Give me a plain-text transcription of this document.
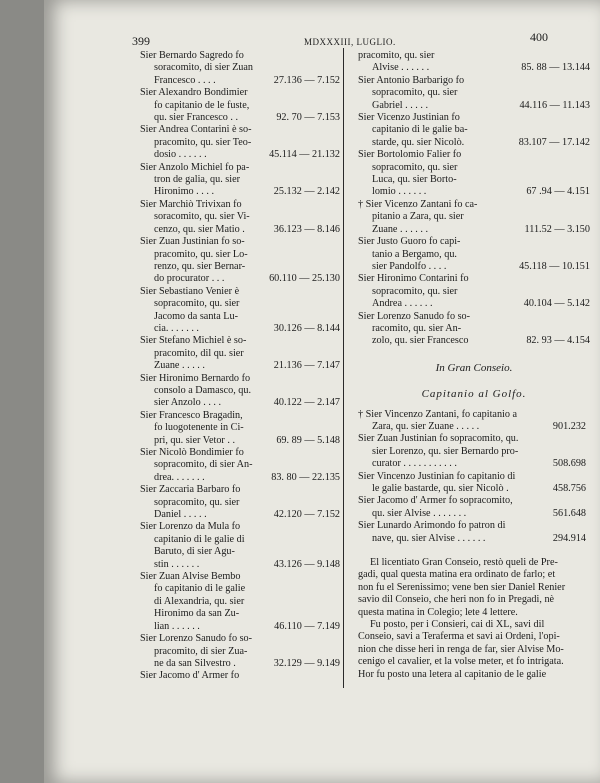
399	MDXXXIII, LUGLIO.	400
Sier Bernardo Sagredo fo
soracomito, di sier Zuan
Francesco . . . .	27.136 — 7.152
Sier Alexandro Bondimier
fo capitanio de le fuste,
qu. sier Francesco . .	92. 70 — 7.153
Sier Andrea Contarini è so-
pracomito, qu. sier Teo-
dosio . . . . . .	45.114 — 21.132
Sier Anzolo Michiel fo pa-
tron de galia, qu. sier
Hironimo . . . .	25.132 — 2.142
Sier Marchiò Trivixan fo
soracomito, qu. sier Vi-
cenzo, qu. sier Matio .	36.123 — 8.146
Sier Zuan Justinian fo so-
pracomito, qu. sier Lo-
renzo, qu. sier Bernar-
do procurator . . .	60.110 — 25.130
Sier Sebastiano Venier è
sopracomito, qu. sier
Jacomo da santa Lu-
cia. . . . . . .	30.126 — 8.144
Sier Stefano Michiel è so-
pracomito, dil qu. sier
Zuane . . . . .	21.136 — 7.147
Sier Hironimo Bernardo fo
consolo a Damasco, qu.
sier Anzolo . . . .	40.122 — 2.147
Sier Francesco Bragadin,
fo luogotenente in Ci-
pri, qu. sier Vetor . .	69. 89 — 5.148
Sier Nicolò Bondimier fo
sopracomito, di sier An-
drea. . . . . . .	83. 80 — 22.135
Sier Zaccaria Barbaro fo
sopracomito, qu. sier
Daniel . . . . .	42.120 — 7.152
Sier Lorenzo da Mula fo
capitanio di le galie di
Baruto, di sier Agu-
stin . . . . . .	43.126 — 9.148
Sier Zuan Alvise Bembo
fo capitanio di le galie
di Alexandria, qu. sier
Hironimo da san Zu-
lian . . . . . .	46.110 — 7.149
Sier Lorenzo Sanudo fo so-
pracomito, di sier Zua-
ne da san Silvestro .	32.129 — 9.149
Sier Jacomo d' Armer fo
pracomito, qu. sier
Alvise . . . . . .	85. 88 — 13.144
Sier Antonio Barbarigo fo
sopracomito, qu. sier
Gabriel . . . . .	44.116 — 11.143
Sier Vicenzo Justinian fo
capitanio di le galie ba-
starde, qu. sier Nicolò.	83.107 — 17.142
Sier Bortolomio Falier fo
sopracomito, qu. sier
Luca, qu. sier Borto-
lomio . . . . . .	67 .94 — 4.151
† Sier Vicenzo Zantani fo ca-
pitanio a Zara, qu. sier
Zuane . . . . . .	111.52 — 3.150
Sier Justo Guoro fo capi-
tanio a Bergamo, qu.
sier Pandolfo . . . .	45.118 — 10.151
Sier Hironimo Contarini fo
sopracomito, qu. sier
Andrea . . . . . .	40.104 — 5.142
Sier Lorenzo Sanudo fo so-
racomito, qu. sier An-
zolo, qu. sier Francesco	82. 93 — 4.154
In Gran Conseio.
Capitanio al Golfo.
† Sier Vincenzo Zantani, fo capitanio a
Zara, qu. sier Zuane . . . . .	901.232
Sier Zuan Justinian fo sopracomito, qu.
sier Lorenzo, qu. sier Bernardo pro-
curator . . . . . . . . . . .	508.698
Sier Vincenzo Justinian fo capitanio di
le galie bastarde, qu. sier Nicolò .	458.756
Sier Jacomo d' Armer fo sopracomito,
qu. sier Alvise . . . . . . .	561.648
Sier Lunardo Arimondo fo patron di
nave, qu. sier Alvise . . . . . .	294.914
El licentiato Gran Conseio, restò queli de Pre-
gadi, qual questa matina era ordinato de farlo; et
non fu el Serenissimo; vene ben sier Daniel Renier
savio dil Conseio, che heri non fo in Pregadi, nè
questa matina in Colegio; lete 4 lettere.
Fu posto, per i Consieri, cai di XL, savi dil
Conseio, savi a Teraferma et savi ai Ordeni, l'opi-
nion che disse heri in renga de far, sier Alvise Mo-
cenigo el cavalier, et la volse meter, et fo intrigata.
Hor fu posto una letera al capitanio de le galie
